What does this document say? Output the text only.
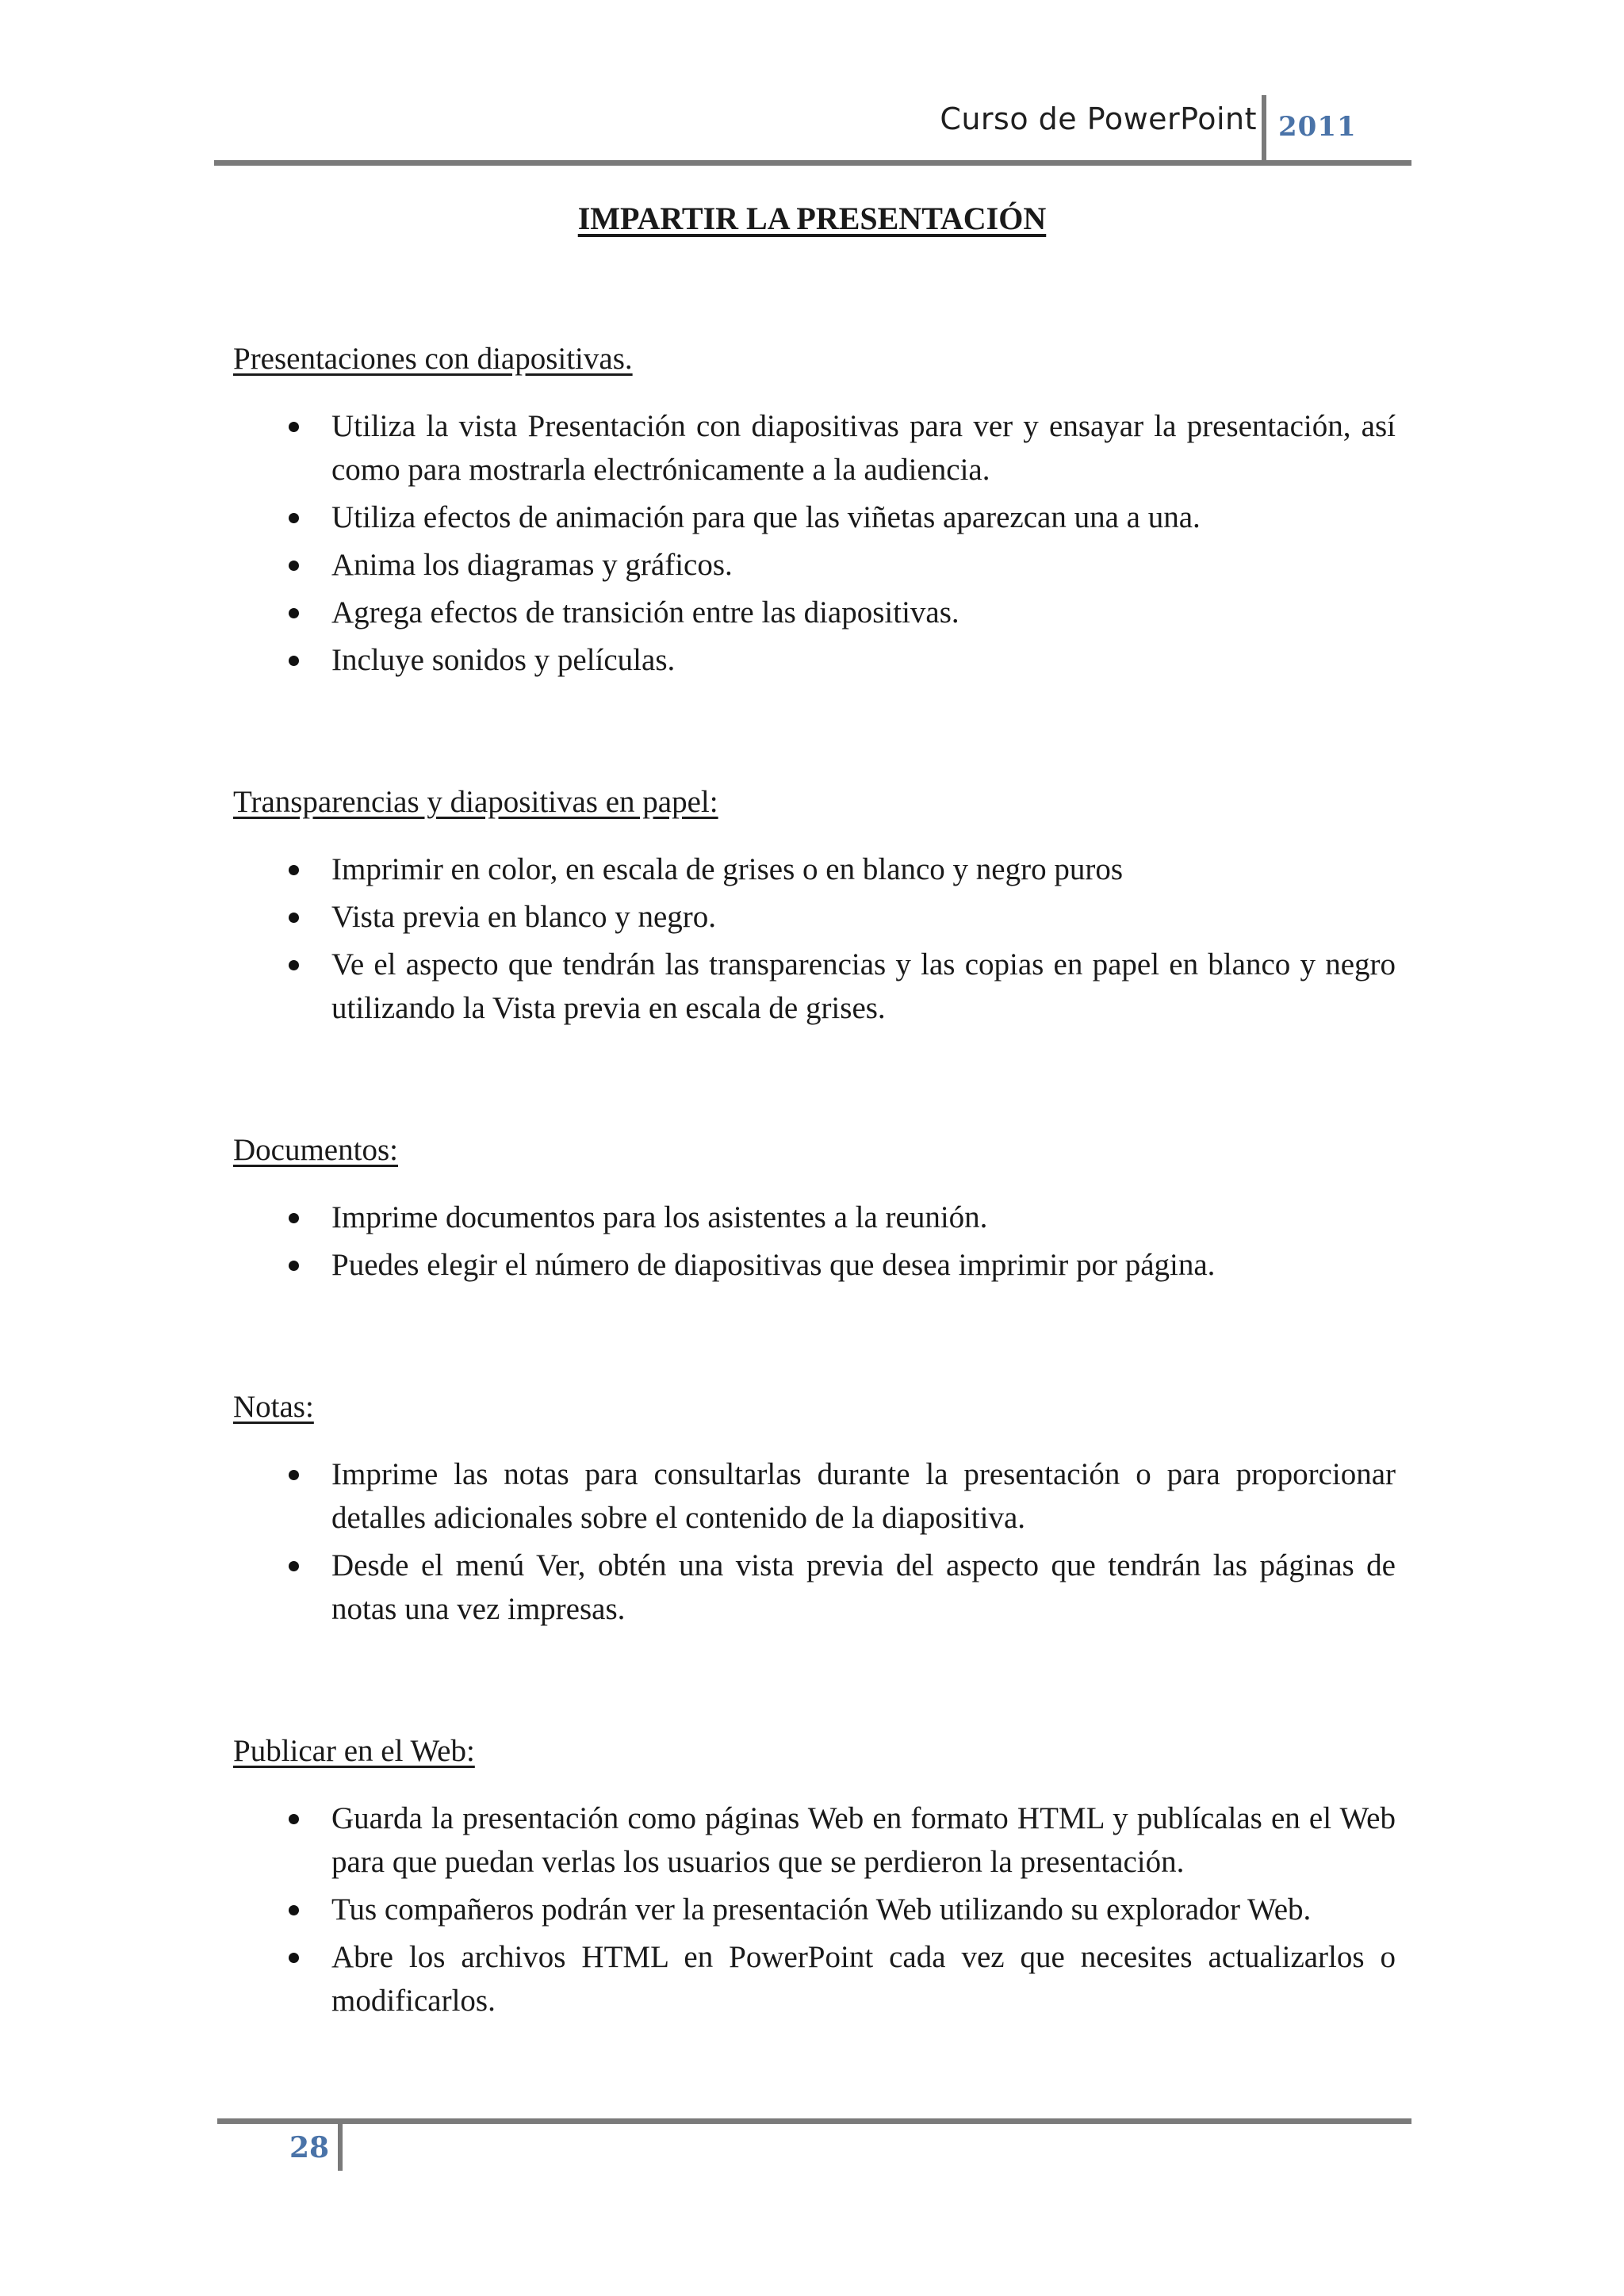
Curso de PowerPoint 2011
IMPARTIR LA PRESENTACIÓN
Presentaciones con diapositivas.
Utiliza la vista Presentación con diapositivas para ver y ensayar la presentación, así como para mostrarla electrónicamente a la audiencia.
Utiliza efectos de animación para que las viñetas aparezcan una a una.
Anima los diagramas y gráficos.
Agrega efectos de transición entre las diapositivas.
Incluye sonidos y películas.
Transparencias y diapositivas en papel:
Imprimir en color, en escala de grises o en blanco y negro puros
Vista previa en blanco y negro.
Ve el aspecto que tendrán las transparencias y las copias en papel en blanco y negro utilizando la Vista previa en escala de grises.
Documentos:
Imprime documentos para los asistentes a la reunión.
Puedes elegir el número de diapositivas que desea imprimir por página.
Notas:
Imprime las notas para consultarlas durante la presentación o para proporcionar detalles adicionales sobre el contenido de la diapositiva.
Desde el menú Ver, obtén una vista previa del aspecto que tendrán las páginas de notas una vez impresas.
Publicar en el Web:
Guarda la presentación como páginas Web en formato HTML y publícalas en el Web para que puedan verlas los usuarios que se perdieron la presentación.
Tus compañeros podrán ver la presentación Web utilizando su explorador Web.
Abre los archivos HTML en PowerPoint cada vez que necesites actualizarlos o modificarlos.
28
